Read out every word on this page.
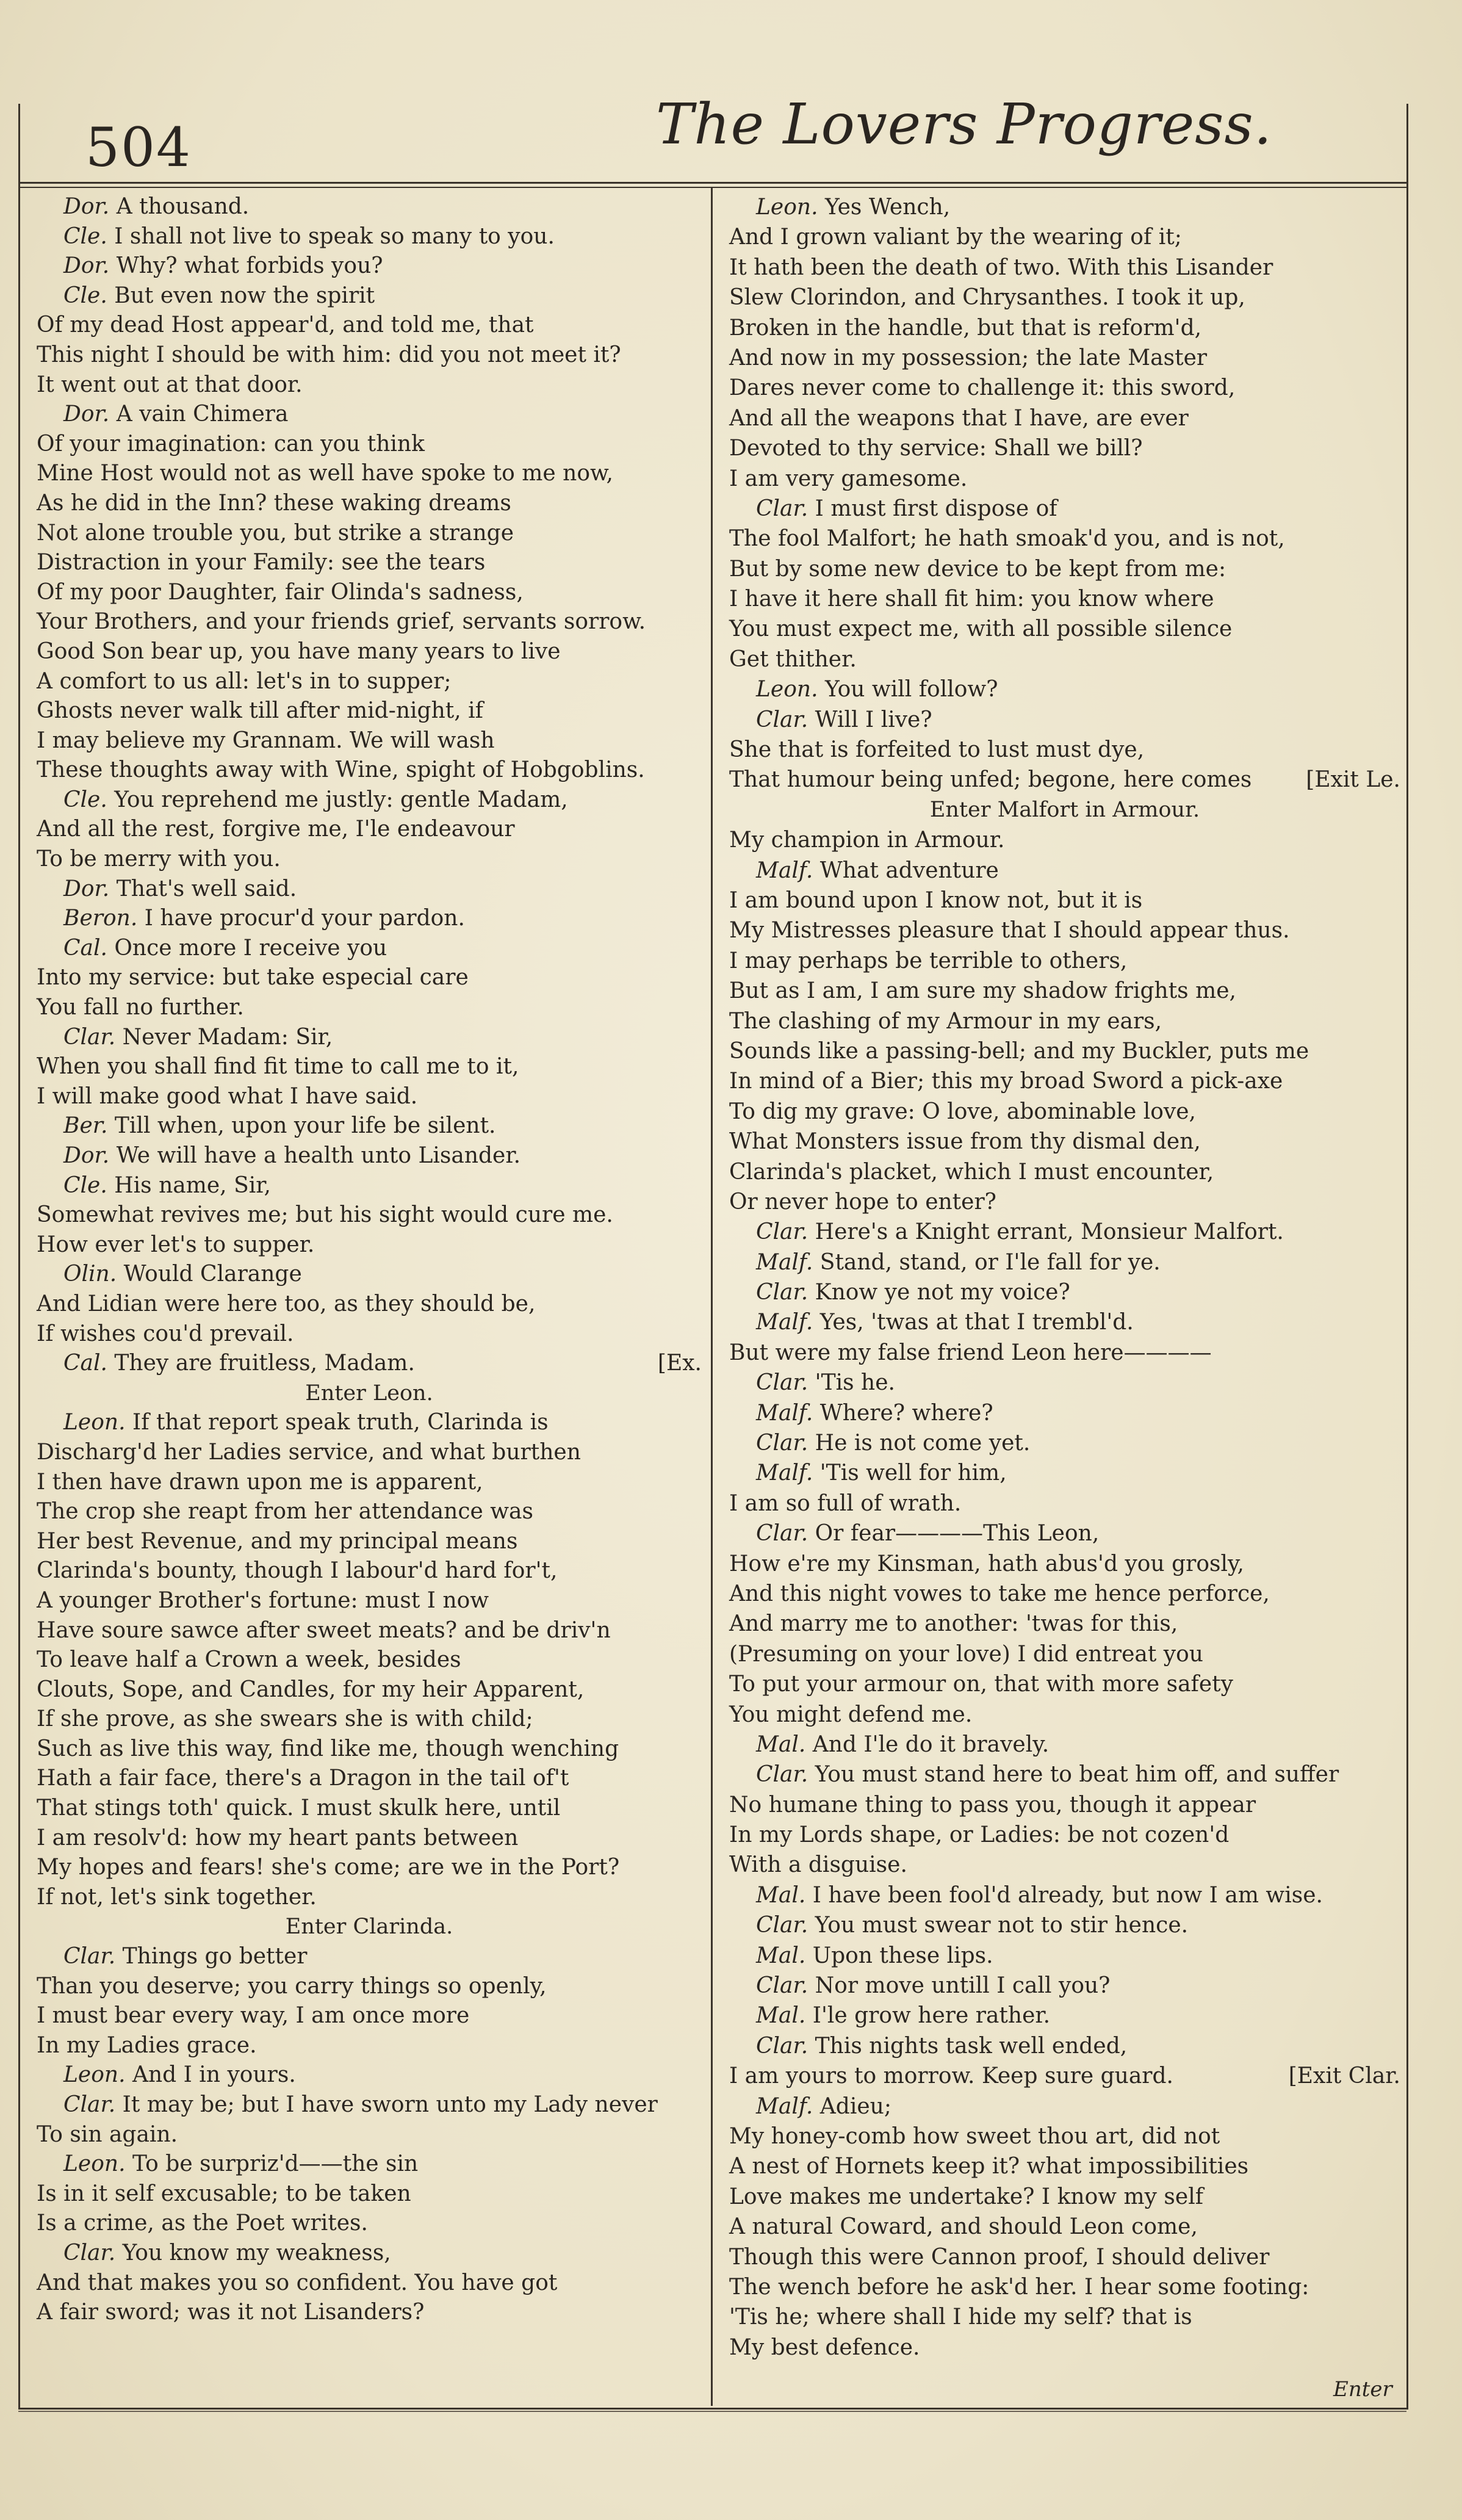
504	The Lovers Progress.
Dor. A thousand.
Cle. I shall not live to speak so many to you.
Dor. Why? what forbids you?
Cle. But even now the spirit
Of my dead Host appear'd, and told me, that
This night I should be with him: did you not meet it?
It went out at that door.
Dor. A vain Chimera
Of your imagination: can you think
Mine Host would not as well have spoke to me now,
As he did in the Inn? these waking dreams
Not alone trouble you, but strike a strange
Distraction in your Family: see the tears
Of my poor Daughter, fair Olinda's sadness,
Your Brothers, and your friends grief, servants sorrow.
Good Son bear up, you have many years to live
A comfort to us all: let's in to supper;
Ghosts never walk till after mid-night, if
I may believe my Grannam. We will wash
These thoughts away with Wine, spight of Hobgoblins.
Cle. You reprehend me justly: gentle Madam,
And all the rest, forgive me, I'le endeavour
To be merry with you.
Dor. That's well said.
Beron. I have procur'd your pardon.
Cal. Once more I receive you
Into my service: but take especial care
You fall no further.
Clar. Never Madam: Sir,
When you shall find fit time to call me to it,
I will make good what I have said.
Ber. Till when, upon your life be silent.
Dor. We will have a health unto Lisander.
Cle. His name, Sir,
Somewhat revives me; but his sight would cure me.
How ever let's to supper.
Olin. Would Clarange
And Lidian were here too, as they should be,
If wishes cou'd prevail.
Cal. They are fruitless, Madam.	[Ex.
Enter Leon.
Leon. If that report speak truth, Clarinda is
Discharg'd her Ladies service, and what burthen
I then have drawn upon me is apparent,
The crop she reapt from her attendance was
Her best Revenue, and my principal means
Clarinda's bounty, though I labour'd hard for't,
A younger Brother's fortune: must I now
Have soure sawce after sweet meats? and be driv'n
To leave half a Crown a week, besides
Clouts, Sope, and Candles, for my heir Apparent,
If she prove, as she swears she is with child;
Such as live this way, find like me, though wenching
Hath a fair face, there's a Dragon in the tail of't
That stings toth' quick. I must skulk here, until
I am resolv'd: how my heart pants between
My hopes and fears! she's come; are we in the Port?
If not, let's sink together.
Enter Clarinda.
Clar. Things go better
Than you deserve; you carry things so openly,
I must bear every way, I am once more
In my Ladies grace.
Leon. And I in yours.
Clar. It may be; but I have sworn unto my Lady never
To sin again.
Leon. To be surpriz'd——the sin
Is in it self excusable; to be taken
Is a crime, as the Poet writes.
Clar. You know my weakness,
And that makes you so confident. You have got
A fair sword; was it not Lisanders?
Leon. Yes Wench,
And I grown valiant by the wearing of it;
It hath been the death of two. With this Lisander
Slew Clorindon, and Chrysanthes. I took it up,
Broken in the handle, but that is reform'd,
And now in my possession; the late Master
Dares never come to challenge it: this sword,
And all the weapons that I have, are ever
Devoted to thy service: Shall we bill?
I am very gamesome.
Clar. I must first dispose of
The fool Malfort; he hath smoak'd you, and is not,
But by some new device to be kept from me:
I have it here shall fit him: you know where
You must expect me, with all possible silence
Get thither.
Leon. You will follow?
Clar. Will I live?
She that is forfeited to lust must dye,
That humour being unfed; begone, here comes [Exit Le.
Enter Malfort in Armour.
My champion in Armour.
Malf. What adventure
I am bound upon I know not, but it is
My Mistresses pleasure that I should appear thus.
I may perhaps be terrible to others,
But as I am, I am sure my shadow frights me,
The clashing of my Armour in my ears,
Sounds like a passing-bell; and my Buckler, puts me
In mind of a Bier; this my broad Sword a pick-axe
To dig my grave: O love, abominable love,
What Monsters issue from thy dismal den,
Clarinda's placket, which I must encounter,
Or never hope to enter?
Clar. Here's a Knight errant, Monsieur Malfort.
Malf. Stand, stand, or I'le fall for ye.
Clar. Know ye not my voice?
Malf. Yes, 'twas at that I trembl'd.
But were my false friend Leon here————
Clar. 'Tis he.
Malf. Where? where?
Clar. He is not come yet.
Malf. 'Tis well for him,
I am so full of wrath.
Clar. Or fear————This Leon,
How e're my Kinsman, hath abus'd you grosly,
And this night vowes to take me hence perforce,
And marry me to another: 'twas for this,
(Presuming on your love) I did entreat you
To put your armour on, that with more safety
You might defend me.
Mal. And I'le do it bravely.
Clar. You must stand here to beat him off, and suffer
No humane thing to pass you, though it appear
In my Lords shape, or Ladies: be not cozen'd
With a disguise.
Mal. I have been fool'd already, but now I am wise.
Clar. You must swear not to stir hence.
Mal. Upon these lips.
Clar. Nor move untill I call you?
Mal. I'le grow here rather.
Clar. This nights task well ended,
I am yours to morrow. Keep sure guard.	[Exit Clar.
Malf. Adieu;
My honey-comb how sweet thou art, did not
A nest of Hornets keep it? what impossibilities
Love makes me undertake? I know my self
A natural Coward, and should Leon come,
Though this were Cannon proof, I should deliver
The wench before he ask'd her. I hear some footing:
'Tis he; where shall I hide my self? that is
My best defence.
Enter
